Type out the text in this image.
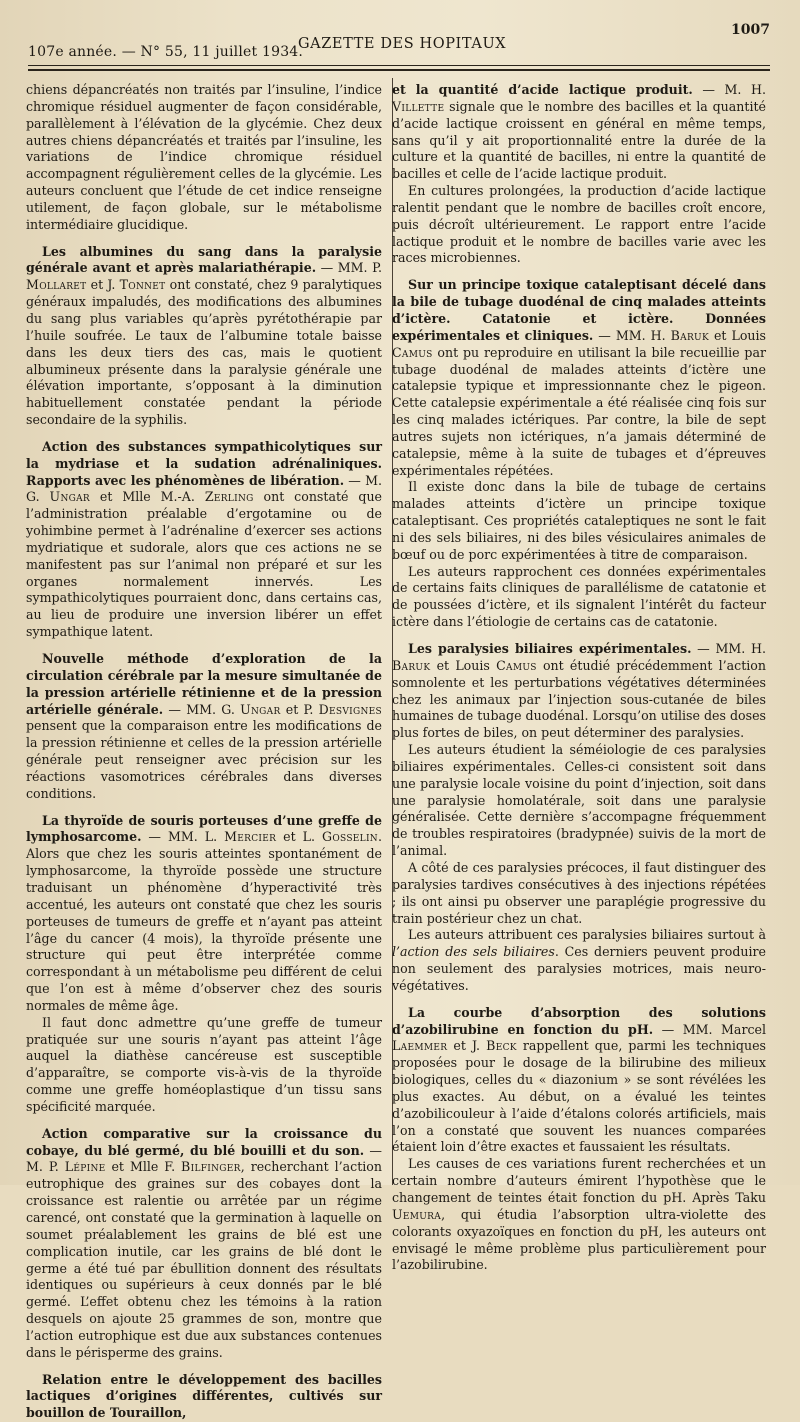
107e année. — N° 55, 11 juillet 1934.
GAZETTE DES HOPITAUX
1007

chiens dépancréatés non traités par l’insuline, l’indice chromique résiduel augmenter de façon considérable, parallèlement à l’élévation de la glycémie. Chez deux autres chiens dépancréatés et traités par l’insuline, les variations de l’indice chromique résiduel accompagnent régulièrement celles de la glycémie. Les auteurs concluent que l’étude de cet indice renseigne utilement, de façon globale, sur le métabolisme intermédiaire glucidique.

Les albumines du sang dans la paralysie générale avant et après malariathérapie. — MM. P. Mollaret et J. Tonnet ont constaté, chez 9 paralytiques généraux impaludés, des modifications des albumines du sang plus variables qu’après pyrétothérapie par l’huile soufrée. Le taux de l’albumine totale baisse dans les deux tiers des cas, mais le quotient albumineux présente dans la paralysie générale une élévation importante, s’opposant à la diminution habituellement constatée pendant la période secondaire de la syphilis.

Action des substances sympathicolytiques sur la mydriase et la sudation adrénaliniques. Rapports avec les phénomènes de libération. — M. G. Ungar et Mlle M.-A. Zerling ont constaté que l’administration préalable d’ergotamine ou de yohimbine permet à l’adrénaline d’exercer ses actions mydriatique et sudorale, alors que ces actions ne se manifestent pas sur l’animal non préparé et sur les organes normalement innervés. Les sympathicolytiques pourraient donc, dans certains cas, au lieu de produire une inversion libérer un effet sympathique latent.

Nouvelle méthode d’exploration de la circulation cérébrale par la mesure simultanée de la pression artérielle rétinienne et de la pression artérielle générale. — MM. G. Ungar et P. Desvignes pensent que la comparaison entre les modifications de la pression rétinienne et celles de la pression artérielle générale peut renseigner avec précision sur les réactions vasomotrices cérébrales dans diverses conditions.

La thyroïde de souris porteuses d’une greffe de lymphosarcome. — MM. L. Mercier et L. Gosselin. Alors que chez les souris atteintes spontanément de lymphosarcome, la thyroïde possède une structure traduisant un phénomène d’hyperactivité très accentué, les auteurs ont constaté que chez les souris porteuses de tumeurs de greffe et n’ayant pas atteint l’âge du cancer (4 mois), la thyroïde présente une structure qui peut être interprétée comme correspondant à un métabolisme peu différent de celui que l’on est à même d’observer chez des souris normales de même âge.

Il faut donc admettre qu’une greffe de tumeur pratiquée sur une souris n’ayant pas atteint l’âge auquel la diathèse cancéreuse est susceptible d’apparaître, se comporte vis-à-vis de la thyroïde comme une greffe homéoplastique d’un tissu sans spécificité marquée.

Action comparative sur la croissance du cobaye, du blé germé, du blé bouilli et du son. — M. P. Lépine et Mlle F. Bilfinger, recherchant l’action eutrophique des graines sur des cobayes dont la croissance est ralentie ou arrêtée par un régime carencé, ont constaté que la germination à laquelle on soumet préalablement les grains de blé est une complication inutile, car les grains de blé dont le germe a été tué par ébullition donnent des résultats identiques ou supérieurs à ceux donnés par le blé germé. L’effet obtenu chez les témoins à la ration desquels on ajoute 25 grammes de son, montre que l’action eutrophique est due aux substances contenues dans le périsperme des grains.

Relation entre le développement des bacilles lactiques d’origines différentes, cultivés sur bouillon de Touraillon,

et la quantité d’acide lactique produit. — M. H. Villette signale que le nombre des bacilles et la quantité d’acide lactique croissent en général en même temps, sans qu’il y ait proportionnalité entre la durée de la culture et la quantité de bacilles, ni entre la quantité de bacilles et celle de l’acide lactique produit.

En cultures prolongées, la production d’acide lactique ralentit pendant que le nombre de bacilles croît encore, puis décroît ultérieurement. Le rapport entre l’acide lactique produit et le nombre de bacilles varie avec les races microbiennes.

Sur un principe toxique cataleptisant décelé dans la bile de tubage duodénal de cinq malades atteints d’ictère. Catatonie et ictère. Données expérimentales et cliniques. — MM. H. Baruk et Louis Camus ont pu reproduire en utilisant la bile recueillie par tubage duodénal de malades atteints d’ictère une catalepsie typique et impressionnante chez le pigeon. Cette catalepsie expérimentale a été réalisée cinq fois sur les cinq malades ictériques. Par contre, la bile de sept autres sujets non ictériques, n’a jamais déterminé de catalepsie, même à la suite de tubages et d’épreuves expérimentales répétées.

Il existe donc dans la bile de tubage de certains malades atteints d’ictère un principe toxique cataleptisant. Ces propriétés cataleptiques ne sont le fait ni des sels biliaires, ni des biles vésiculaires animales de bœuf ou de porc expérimentées à titre de comparaison.

Les auteurs rapprochent ces données expérimentales de certains faits cliniques de parallélisme de catatonie et de poussées d’ictère, et ils signalent l’intérêt du facteur ictère dans l’étiologie de certains cas de catatonie.

Les paralysies biliaires expérimentales. — MM. H. Baruk et Louis Camus ont étudié précédemment l’action somnolente et les perturbations végétatives déterminées chez les animaux par l’injection sous-cutanée de biles humaines de tubage duodénal. Lorsqu’on utilise des doses plus fortes de biles, on peut déterminer des paralysies.

Les auteurs étudient la séméiologie de ces paralysies biliaires expérimentales. Celles-ci consistent soit dans une paralysie locale voisine du point d’injection, soit dans une paralysie homolatérale, soit dans une paralysie généralisée. Cette dernière s’accompagne fréquemment de troubles respiratoires (bradypnée) suivis de la mort de l’animal.

A côté de ces paralysies précoces, il faut distinguer des paralysies tardives consécutives à des injections répétées ; ils ont ainsi pu observer une paraplégie progressive du train postérieur chez un chat.

Les auteurs attribuent ces paralysies biliaires surtout à l’action des sels biliaires. Ces derniers peuvent produire non seulement des paralysies motrices, mais neuro-végétatives.

La courbe d’absorption des solutions d’azobilirubine en fonction du pH. — MM. Marcel Laemmer et J. Beck rappellent que, parmi les techniques proposées pour le dosage de la bilirubine des milieux biologiques, celles du « diazonium » se sont révélées les plus exactes. Au début, on a évalué les teintes d’azobilicouleur à l’aide d’étalons colorés artificiels, mais l’on a constaté que souvent les nuances comparées étaient loin d’être exactes et faussaient les résultats.

Les causes de ces variations furent recherchées et un certain nombre d’auteurs émirent l’hypothèse que le changement de teintes était fonction du pH. Après Taku Uemura, qui étudia l’absorption ultra-violette des colorants oxyazoïques en fonction du pH, les auteurs ont envisagé le même problème plus particulièrement pour l’azobilirubine.
